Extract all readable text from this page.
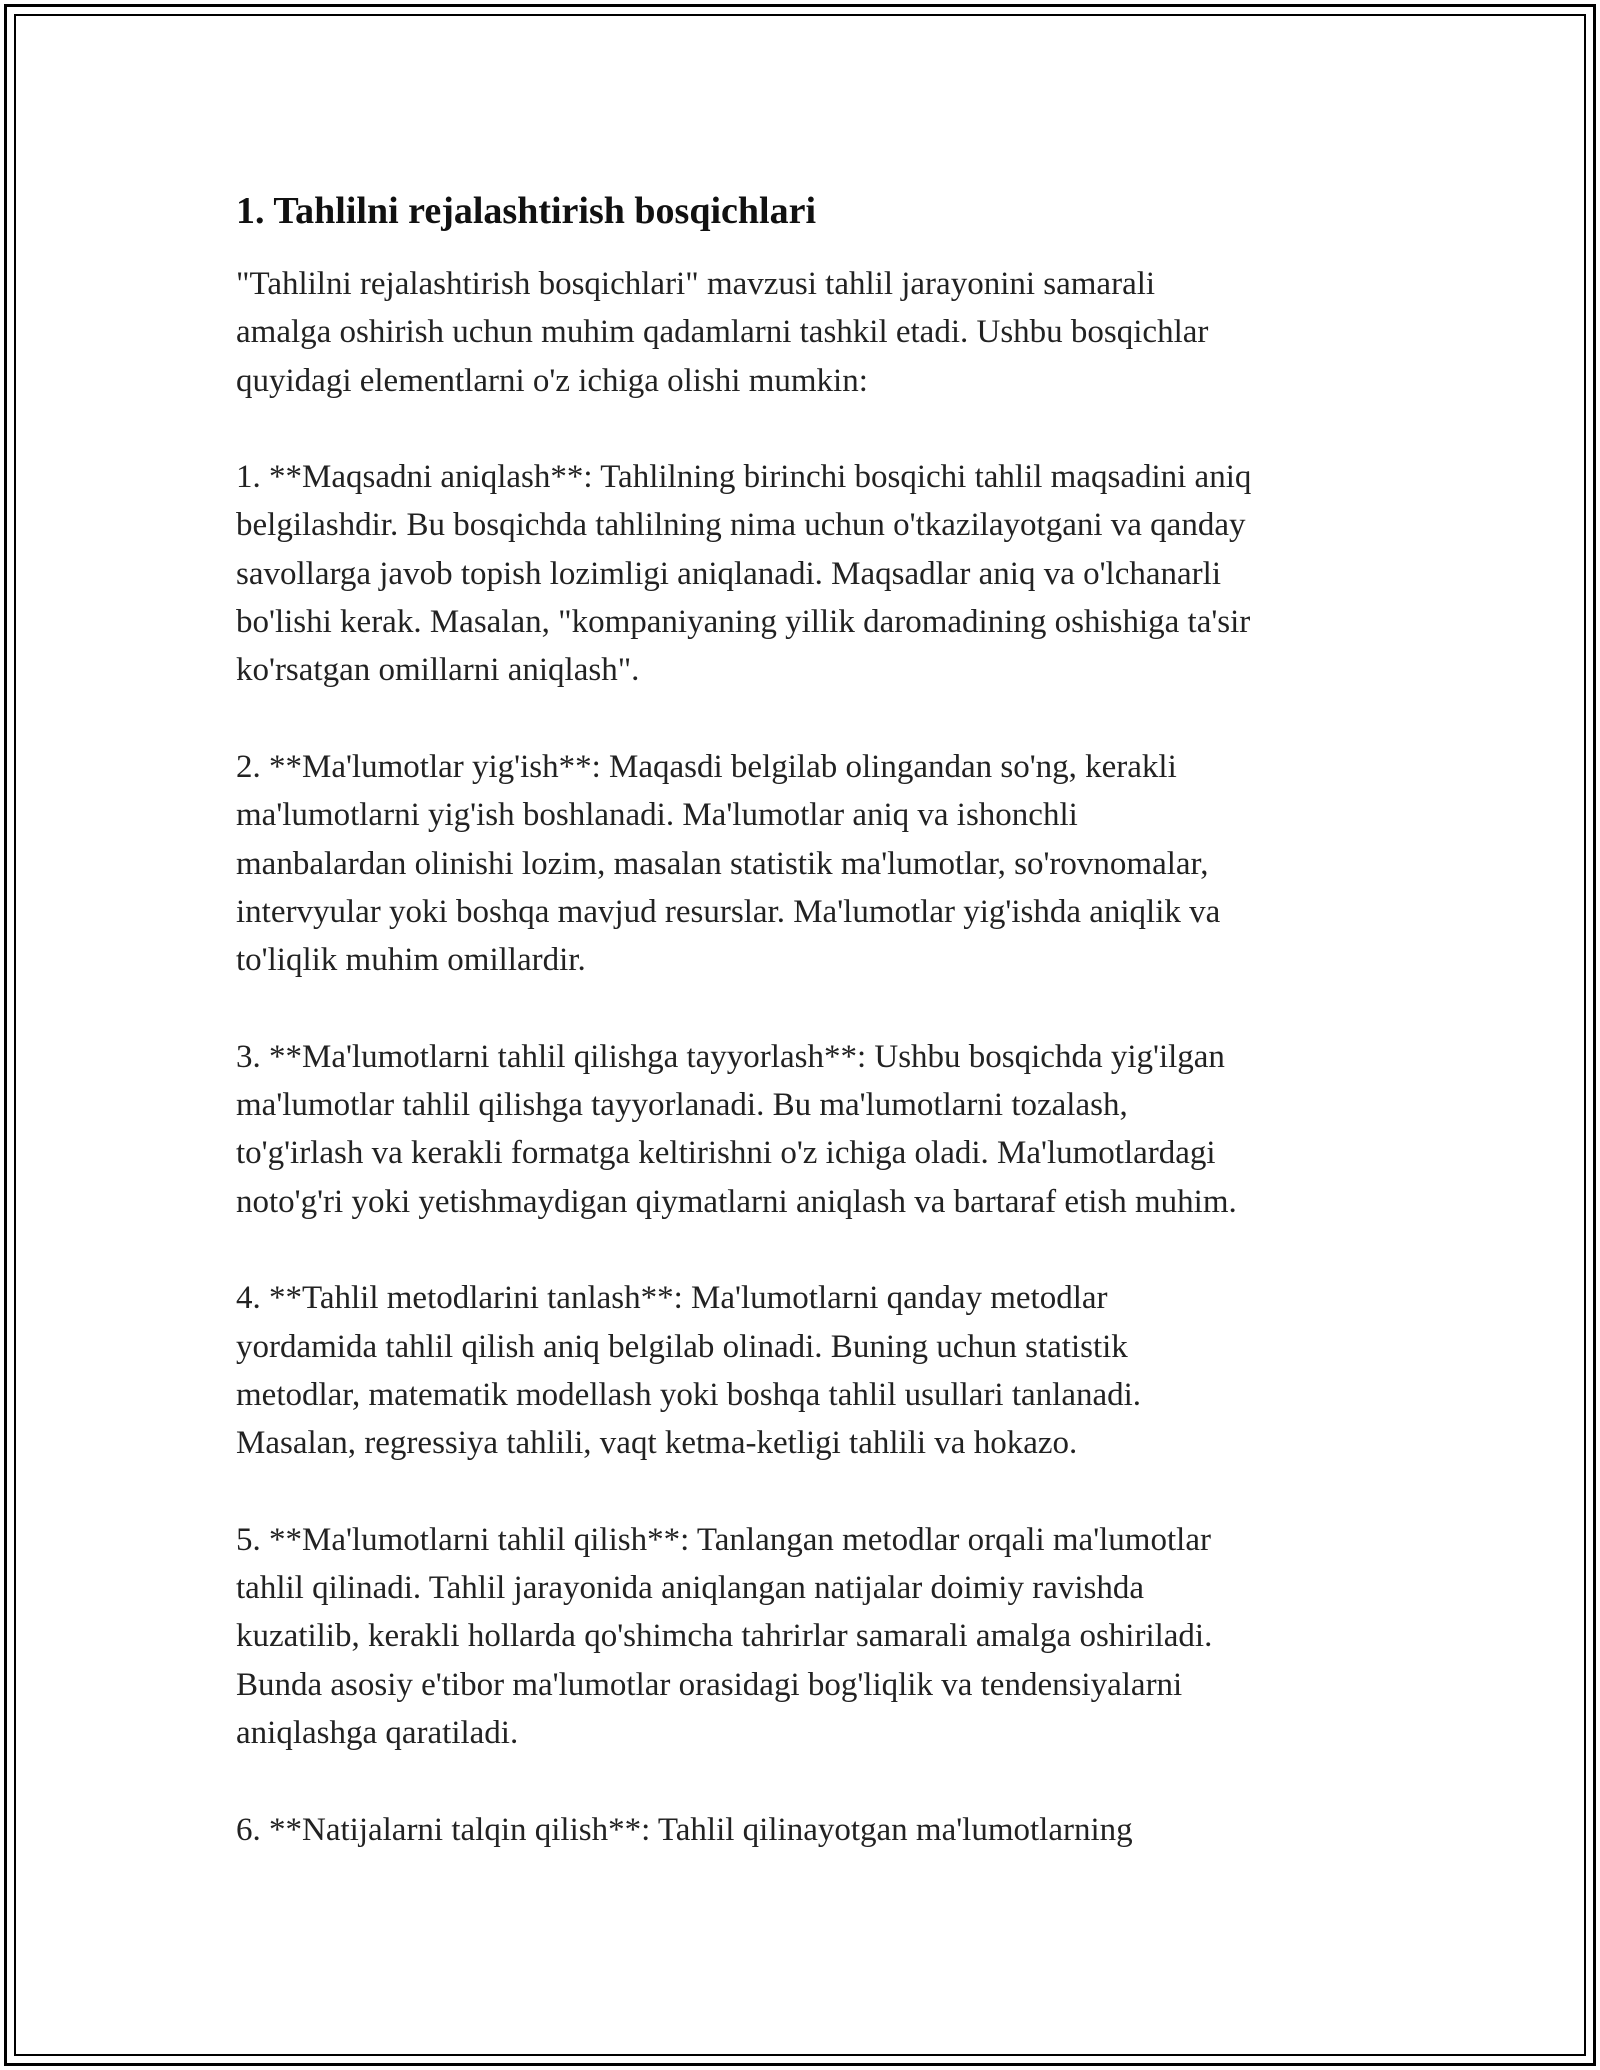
1. Tahlilni rejalashtirish bosqichlari

"Tahlilni rejalashtirish bosqichlari" mavzusi tahlil jarayonini samarali
amalga oshirish uchun muhim qadamlarni tashkil etadi. Ushbu bosqichlar
quyidagi elementlarni o'z ichiga olishi mumkin:

1. **Maqsadni aniqlash**: Tahlilning birinchi bosqichi tahlil maqsadini aniq
belgilashdir. Bu bosqichda tahlilning nima uchun o'tkazilayotgani va qanday
savollarga javob topish lozimligi aniqlanadi. Maqsadlar aniq va o'lchanarli
bo'lishi kerak. Masalan, "kompaniyaning yillik daromadining oshishiga ta'sir
ko'rsatgan omillarni aniqlash".

2. **Ma'lumotlar yig'ish**: Maqasdi belgilab olingandan so'ng, kerakli
ma'lumotlarni yig'ish boshlanadi. Ma'lumotlar aniq va ishonchli
manbalardan olinishi lozim, masalan statistik ma'lumotlar, so'rovnomalar,
intervyular yoki boshqa mavjud resurslar. Ma'lumotlar yig'ishda aniqlik va
to'liqlik muhim omillardir.

3. **Ma'lumotlarni tahlil qilishga tayyorlash**: Ushbu bosqichda yig'ilgan
ma'lumotlar tahlil qilishga tayyorlanadi. Bu ma'lumotlarni tozalash,
to'g'irlash va kerakli formatga keltirishni o'z ichiga oladi. Ma'lumotlardagi
noto'g'ri yoki yetishmaydigan qiymatlarni aniqlash va bartaraf etish muhim.

4. **Tahlil metodlarini tanlash**: Ma'lumotlarni qanday metodlar
yordamida tahlil qilish aniq belgilab olinadi. Buning uchun statistik
metodlar, matematik modellash yoki boshqa tahlil usullari tanlanadi.
Masalan, regressiya tahlili, vaqt ketma-ketligi tahlili va hokazo.

5. **Ma'lumotlarni tahlil qilish**: Tanlangan metodlar orqali ma'lumotlar
tahlil qilinadi. Tahlil jarayonida aniqlangan natijalar doimiy ravishda
kuzatilib, kerakli hollarda qo'shimcha tahrirlar samarali amalga oshiriladi.
Bunda asosiy e'tibor ma'lumotlar orasidagi bog'liqlik va tendensiyalarni
aniqlashga qaratiladi.

6. **Natijalarni talqin qilish**: Tahlil qilinayotgan ma'lumotlarning
